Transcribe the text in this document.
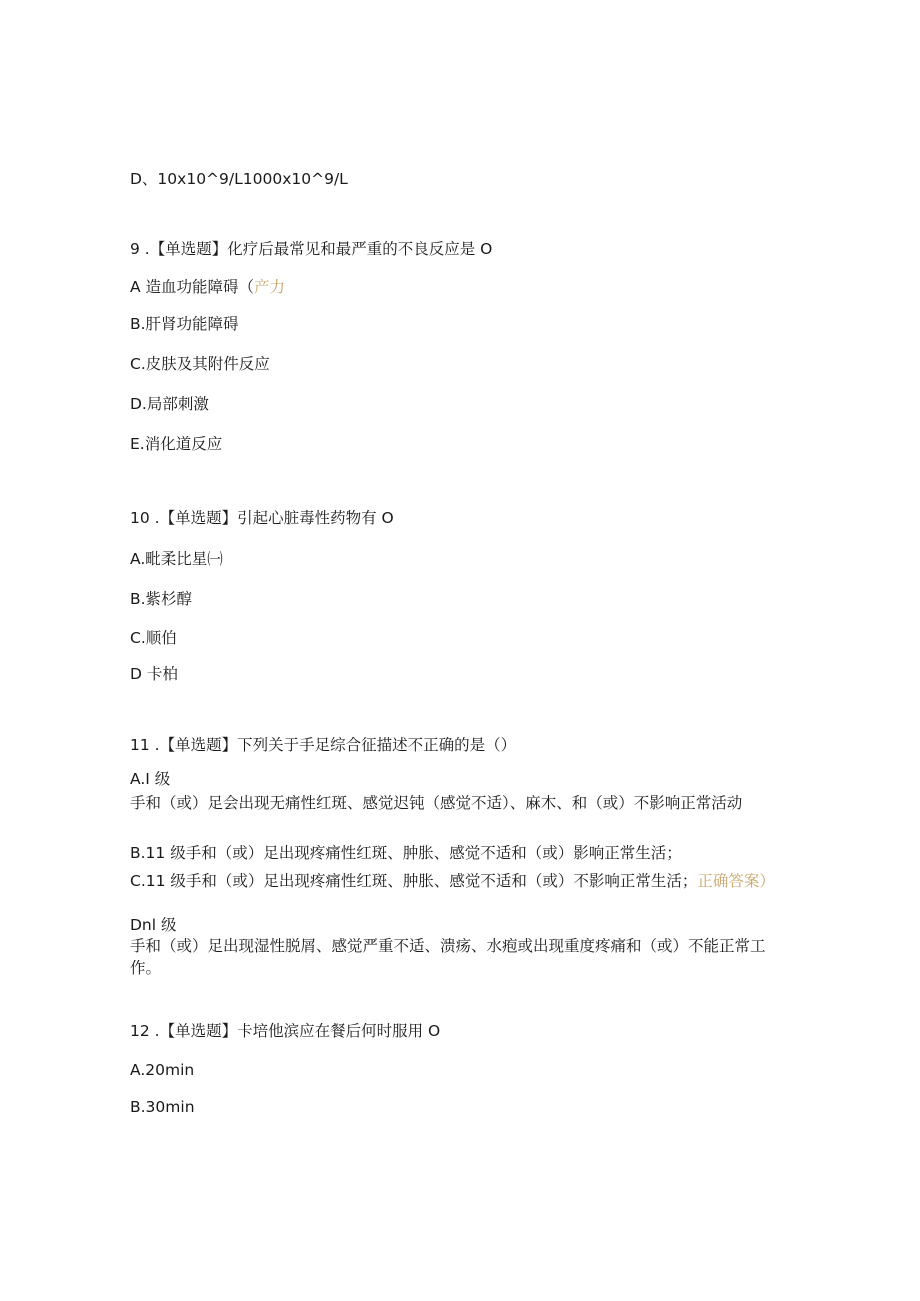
D、10x10^9/L1000x10^9/L
9 .【单选题】化疗后最常见和最严重的不良反应是 O
A 造血功能障碍（产力
B.肝肾功能障碍
C.皮肤及其附件反应
D.局部刺激
E.消化道反应
10 .【单选题】引起心脏毒性药物有 O
A.毗柔比星㈠
B.紫杉醇
C.顺伯
D 卡柏
11 .【单选题】下列关于手足综合征描述不正确的是（）
A.I 级
手和（或）足会出现无痛性红斑、感觉迟钝（感觉不适）、麻木、和（或）不影响正常活动
B.11 级手和（或）足出现疼痛性红斑、肿胀、感觉不适和（或）影响正常生活；
C.11 级手和（或）足出现疼痛性红斑、肿胀、感觉不适和（或）不影响正常生活；正确答案）
Dnl 级
手和（或）足出现湿性脱屑、感觉严重不适、溃疡、水疱或出现重度疼痛和（或）不能正常工作。
12 .【单选题】卡培他滨应在餐后何时服用 O
A.20min
B.30min
